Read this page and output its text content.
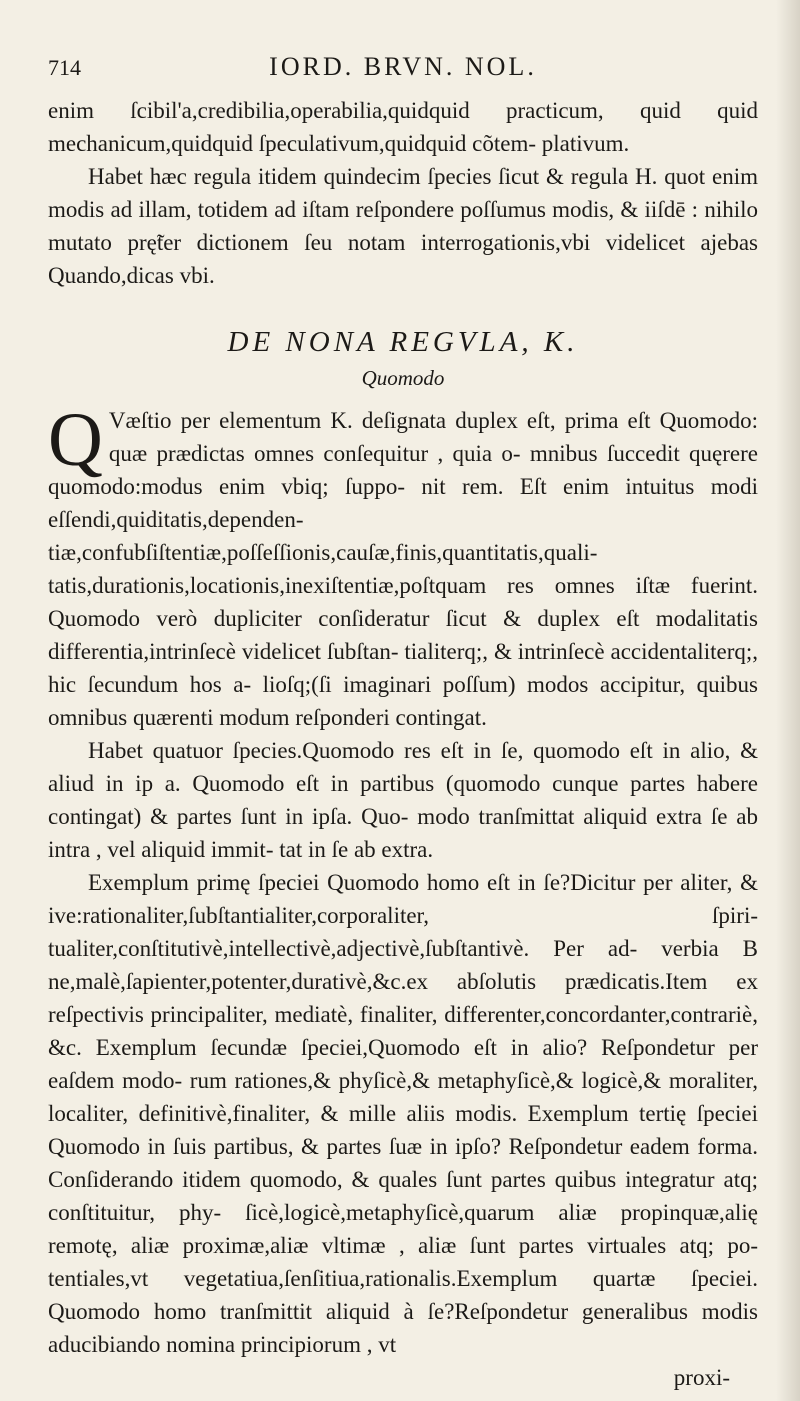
714	IORD. BRVN. NOL.

enim ſcibil'a,credibilia,operabilia,quidquid practicum, quid quid mechanicum,quidquid ſpeculativum,quidquid cõtem- plativum.

Habet hæc regula itidem quindecim ſpecies ſicut & regula H. quot enim modis ad illam, totidem ad iſtam reſpondere poſſumus modis, & iiſdē : nihilo mutato prę̃ter dictionem ſeu notam interrogationis,vbi videlicet ajebas Quando,dicas vbi.

DE NONA REGVLA, K.
Quomodo
Q Væſtio per elementum K. deſignata duplex eſt, prima eſt Quomodo: quæ prædictas omnes conſequitur , quia o- mnibus ſuccedit quęrere quomodo:modus enim vbiq; ſuppo- nit rem. Eſt enim intuitus modi eſſendi,quiditatis,dependen- tiæ,confubſiſtentiæ,poſſeſſionis,cauſæ,finis,quantitatis,quali- tatis,durationis,locationis,inexiſtentiæ,poſtquam res omnes iſtæ fuerint. Quomodo verò dupliciter conſideratur ſicut & duplex eſt modalitatis differentia,intrinſecè videlicet ſubſtan- tialiterq;, & intrinſecè accidentaliterq;, hic ſecundum hos a- lioſq;(ſi imaginari poſſum) modos accipitur, quibus omnibus quærenti modum reſponderi contingat.

Habet quatuor ſpecies.Quomodo res eſt in ſe, quomodo eſt in alio, & aliud in ip a. Quomodo eſt in partibus (quomodo cunque partes habere contingat) & partes ſunt in ipſa. Quo- modo tranſmittat aliquid extra ſe ab intra , vel aliquid immit- tat in ſe ab extra.

Exemplum primę ſpeciei Quomodo homo eſt in ſe?Dicitur per aliter, & ive:rationaliter,ſubſtantialiter,corporaliter, ſpiri- tualiter,conſtitutivè,intellectivè,adjectivè,ſubſtantivè. Per ad- verbia B ne,malè,ſapienter,potenter,durativè,&c.ex abſolutis prædicatis.Item ex reſpectivis principaliter, mediatè, finaliter, differenter,concordanter,contrariè, &c. Exemplum ſecundæ ſpeciei,Quomodo eſt in alio? Reſpondetur per eaſdem modo- rum rationes,& phyſicè,& metaphyſicè,& logicè,& moraliter, localiter, definitivè,finaliter, & mille aliis modis. Exemplum tertię ſpeciei Quomodo in ſuis partibus, & partes ſuæ in ipſo? Reſpondetur eadem forma. Conſiderando itidem quomodo, & quales ſunt partes quibus integratur atq; conſtituitur, phy- ſicè,logicè,metaphyſicè,quarum aliæ propinquæ,alię remotę, aliæ proximæ,aliæ vltimæ , aliæ ſunt partes virtuales atq; po- tentiales,vt vegetatiua,ſenſitiua,rationalis.Exemplum quartæ ſpeciei. Quomodo homo tranſmittit aliquid à ſe?Reſpondetur generalibus modis aducibiando nomina principiorum , vt

proxi-
